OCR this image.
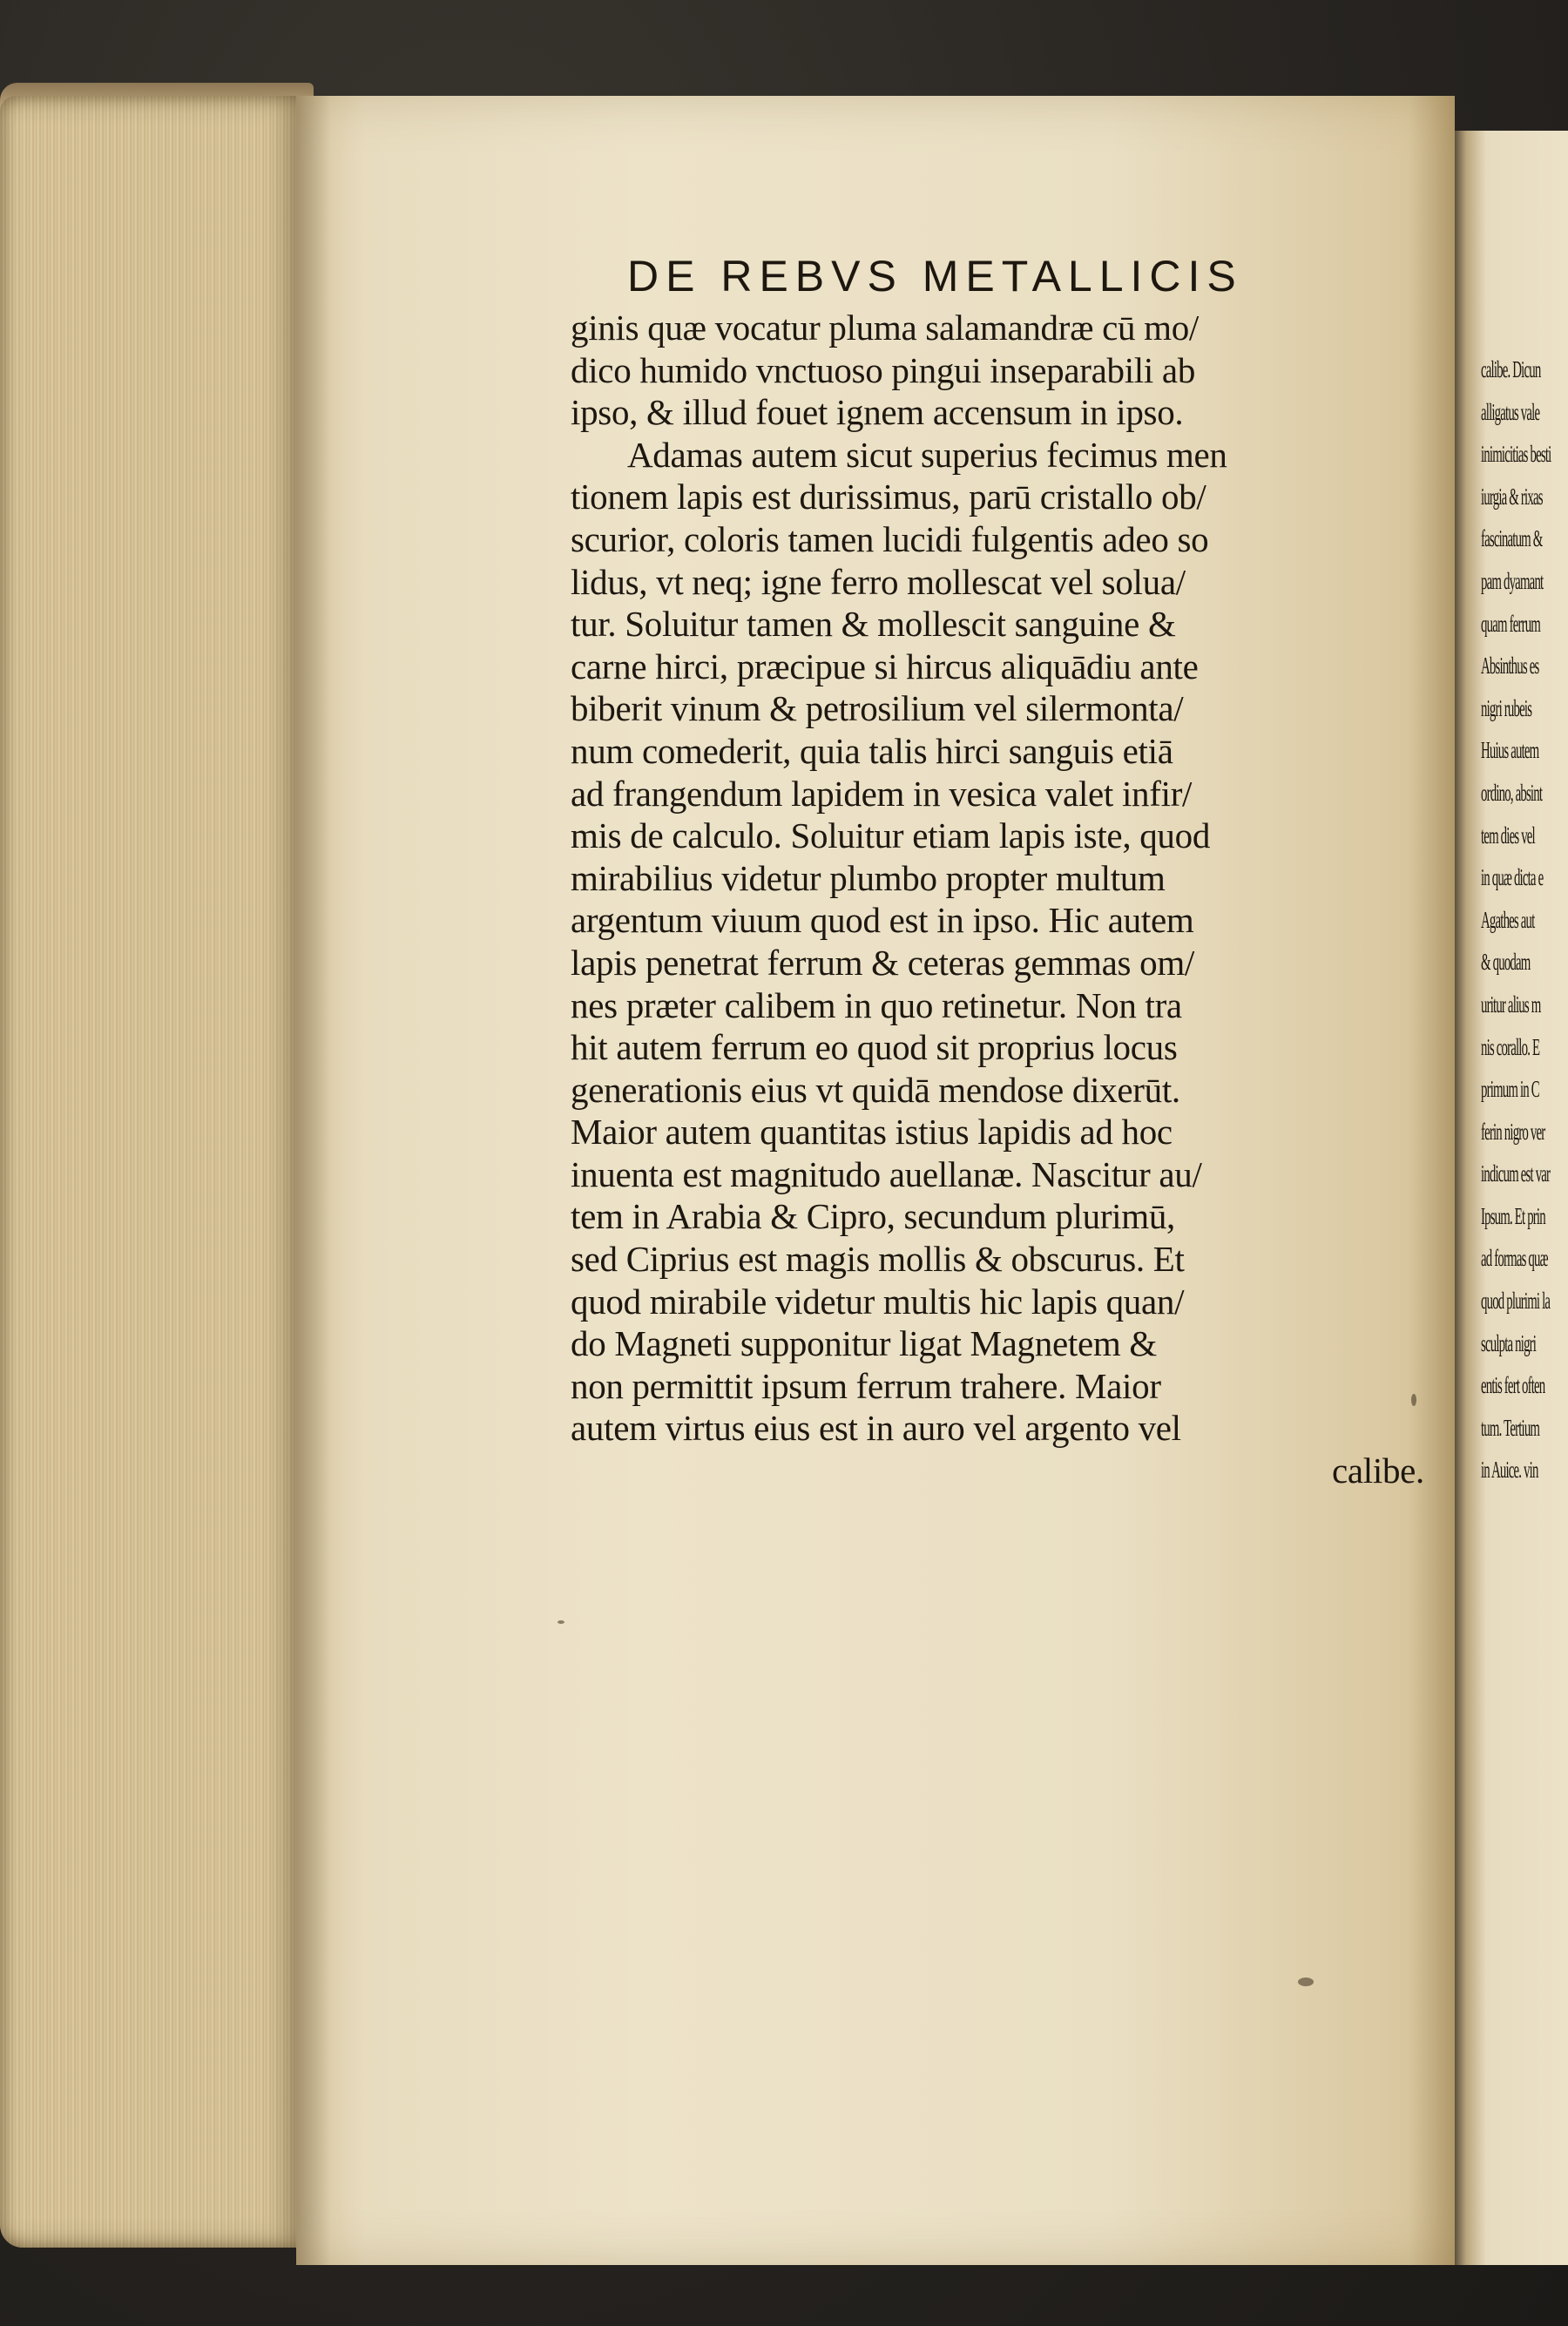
calibe. Dicun
alligatus vale
inimicitias besti
iurgia & rixas
fascinatum &
pam dyamant
quam ferrum
Absinthus es
nigri rubeis
Huius autem
ordino, absint
tem dies vel
in quæ dicta e
Agathes aut
& quodam
uritur alius m
nis corallo. E
primum in C
ferin nigro ver
indicum est var
Ipsum. Et prin
ad formas quæ
quod plurimi la
sculpta nigri
entis fert often
tum. Tertium
in Auice. vin
DE REBVS METALLICIS
ginis quæ vocatur pluma salamandræ cū mo/
dico humido vnctuoso pingui inseparabili ab
ipso, & illud fouet ignem accensum in ipso.
Adamas autem sicut superius fecimus men
tionem lapis est durissimus, parū cristallo ob/
scurior, coloris tamen lucidi fulgentis adeo so
lidus, vt neq; igne ferro mollescat vel solua/
tur. Soluitur tamen & mollescit sanguine &
carne hirci, præcipue si hircus aliquādiu ante
biberit vinum & petrosilium vel silermonta/
num comederit, quia talis hirci sanguis etiā
ad frangendum lapidem in vesica valet infir/
mis de calculo. Soluitur etiam lapis iste, quod
mirabilius videtur plumbo propter multum
argentum viuum quod est in ipso. Hic autem
lapis penetrat ferrum & ceteras gemmas om/
nes præter calibem in quo retinetur. Non tra
hit autem ferrum eo quod sit proprius locus
generationis eius vt quidā mendose dixerūt.
Maior autem quantitas istius lapidis ad hoc
inuenta est magnitudo auellanæ. Nascitur au/
tem in Arabia & Cipro, secundum plurimū,
sed Ciprius est magis mollis & obscurus. Et
quod mirabile videtur multis hic lapis quan/
do Magneti supponitur ligat Magnetem &
non permittit ipsum ferrum trahere. Maior
autem virtus eius est in auro vel argento vel
calibe.
